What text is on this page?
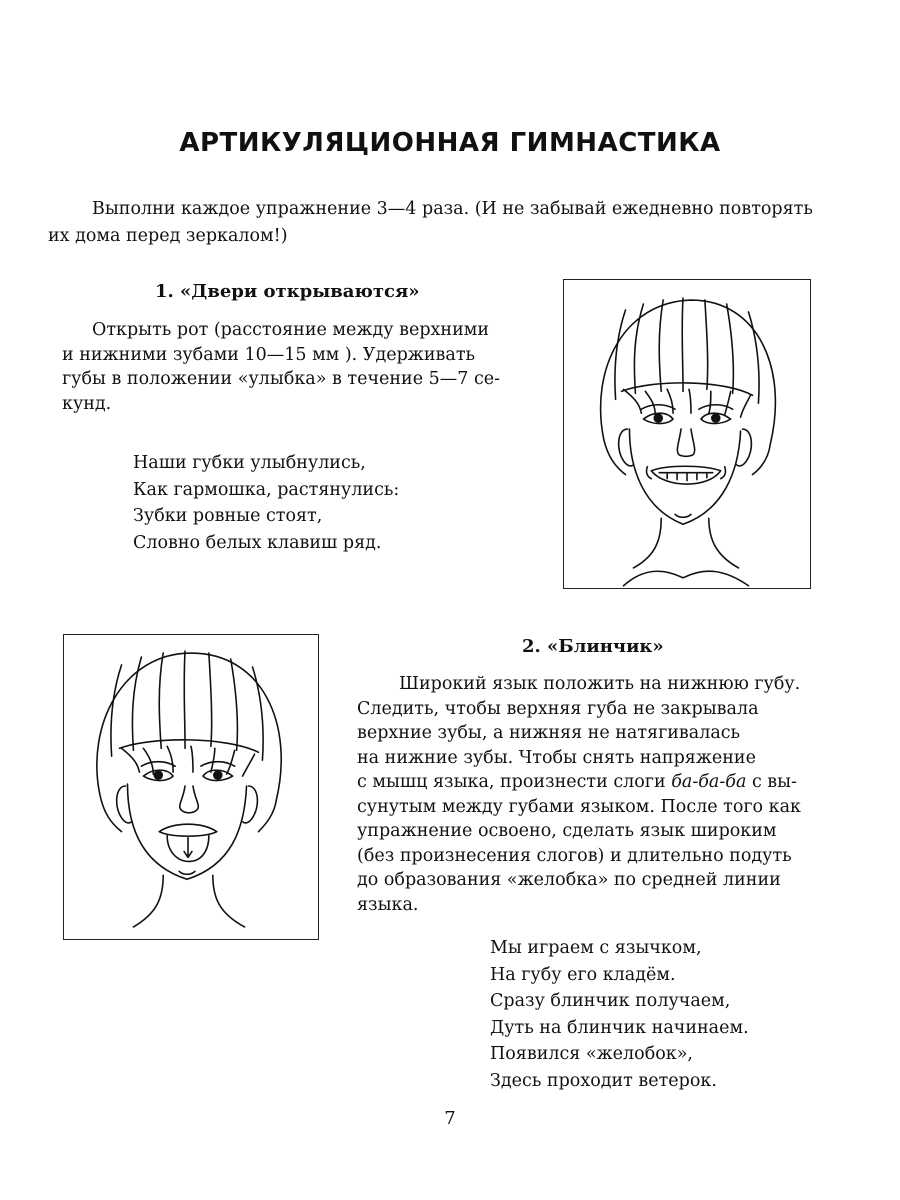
АРТИКУЛЯЦИОННАЯ ГИМНАСТИКА
Выполни каждое упражнение 3—4 раза. (И не забывай ежедневно повторять
их дома перед зеркалом!)
1. «Двери открываются»
Открыть рот (расстояние между верхними
и нижними зубами 10—15 мм ). Удерживать
губы в положении «улыбка» в течение 5—7 се-
кунд.
Наши губки улыбнулись,
Как гармошка, растянулись:
Зубки ровные стоят,
Словно белых клавиш ряд.
2. «Блинчик»
Широкий язык положить на нижнюю губу.
Следить, чтобы верхняя губа не закрывала
верхние зубы, а нижняя не натягивалась
на нижние зубы. Чтобы снять напряжение
с мышц языка, произнести слоги ба-ба-ба с вы-
сунутым между губами языком. После того как
упражнение освоено, сделать язык широким
(без произнесения слогов) и длительно подуть
до образования «желобка» по средней линии
языка.
Мы играем с язычком,
На губу его кладём.
Сразу блинчик получаем,
Дуть на блинчик начинаем.
Появился «желобок»,
Здесь проходит ветерок.
7
